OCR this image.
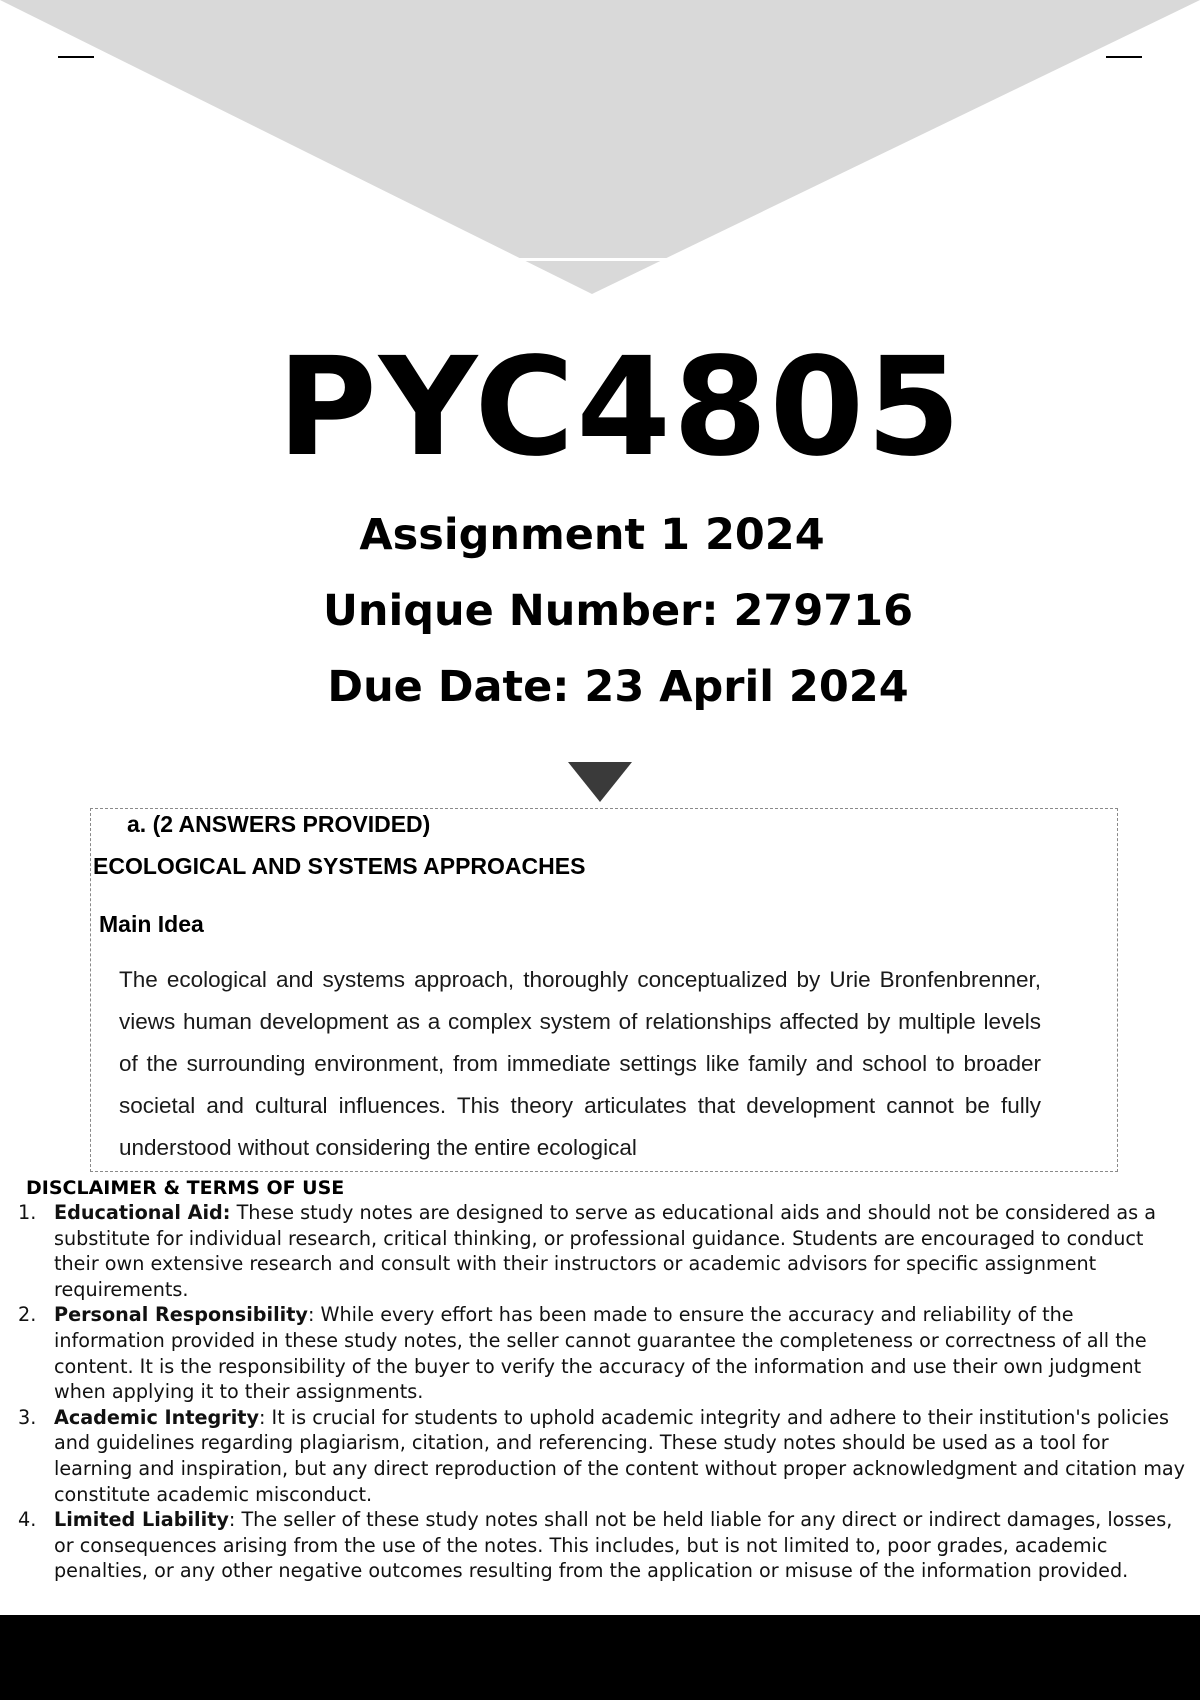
PYC4805
Assignment 1 2024
Unique Number: 279716
Due Date: 23 April 2024
a. (2 ANSWERS PROVIDED)
ECOLOGICAL AND SYSTEMS APPROACHES
Main Idea
The ecological and systems approach, thoroughly conceptualized by Urie Bronfenbrenner, views human development as a complex system of relationships affected by multiple levels of the surrounding environment, from immediate settings like family and school to broader societal and cultural influences. This theory articulates that development cannot be fully understood without considering the entire ecological
DISCLAIMER & TERMS OF USE
1. Educational Aid: These study notes are designed to serve as educational aids and should not be considered as a substitute for individual research, critical thinking, or professional guidance. Students are encouraged to conduct their own extensive research and consult with their instructors or academic advisors for specific assignment requirements.
2. Personal Responsibility: While every effort has been made to ensure the accuracy and reliability of the information provided in these study notes, the seller cannot guarantee the completeness or correctness of all the content. It is the responsibility of the buyer to verify the accuracy of the information and use their own judgment when applying it to their assignments.
3. Academic Integrity: It is crucial for students to uphold academic integrity and adhere to their institution's policies and guidelines regarding plagiarism, citation, and referencing. These study notes should be used as a tool for learning and inspiration, but any direct reproduction of the content without proper acknowledgment and citation may constitute academic misconduct.
4. Limited Liability: The seller of these study notes shall not be held liable for any direct or indirect damages, losses, or consequences arising from the use of the notes. This includes, but is not limited to, poor grades, academic penalties, or any other negative outcomes resulting from the application or misuse of the information provided.
